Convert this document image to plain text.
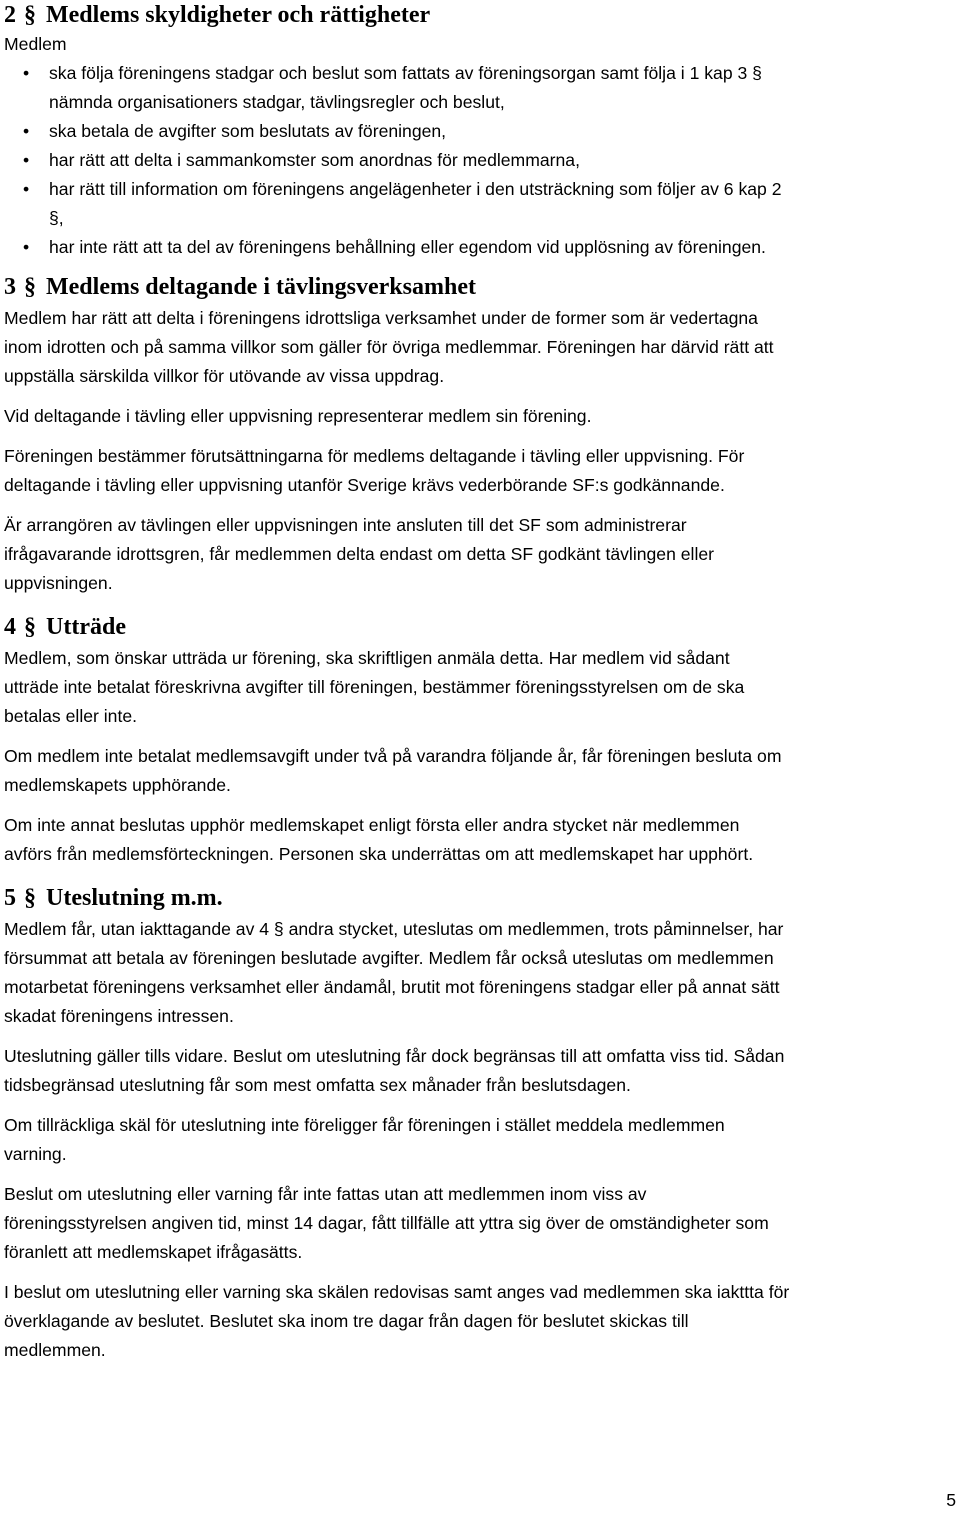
2 § Medlems skyldigheter och rättigheter

Medlem

• ska följa föreningens stadgar och beslut som fattats av föreningsorgan samt följa i 1 kap 3 §
nämnda organisationers stadgar, tävlingsregler och beslut,
• ska betala de avgifter som beslutats av föreningen,
• har rätt att delta i sammankomster som anordnas för medlemmarna,
• har rätt till information om föreningens angelägenheter i den utsträckning som följer av 6 kap 2
§,
• har inte rätt att ta del av föreningens behållning eller egendom vid upplösning av föreningen.
3 § Medlems deltagande i tävlingsverksamhet

Medlem har rätt att delta i föreningens idrottsliga verksamhet under de former som är vedertagna

inom idrotten och på samma villkor som gäller för övriga medlemmar. Föreningen har därvid rätt att

uppställa särskilda villkor för utövande av vissa uppdrag.

Vid deltagande i tävling eller uppvisning representerar medlem sin förening.

Föreningen bestämmer förutsättningarna för medlems deltagande i tävling eller uppvisning. För

deltagande i tävling eller uppvisning utanför Sverige krävs vederbörande SF:s godkännande.

Är arrangören av tävlingen eller uppvisningen inte ansluten till det SF som administrerar

ifrågavarande idrottsgren, får medlemmen delta endast om detta SF godkänt tävlingen eller

uppvisningen.

4 § Utträde

Medlem, som önskar utträda ur förening, ska skriftligen anmäla detta. Har medlem vid sådant

utträde inte betalat föreskrivna avgifter till föreningen, bestämmer föreningsstyrelsen om de ska

betalas eller inte.

Om medlem inte betalat medlemsavgift under två på varandra följande år, får föreningen besluta om

medlemskapets upphörande.

Om inte annat beslutas upphör medlemskapet enligt första eller andra stycket när medlemmen

avförs från medlemsförteckningen. Personen ska underrättas om att medlemskapet har upphört.

5 § Uteslutning m.m.

Medlem får, utan iakttagande av 4 § andra stycket, uteslutas om medlemmen, trots påminnelser, har

försummat att betala av föreningen beslutade avgifter. Medlem får också uteslutas om medlemmen

motarbetat föreningens verksamhet eller ändamål, brutit mot föreningens stadgar eller på annat sätt

skadat föreningens intressen.

Uteslutning gäller tills vidare. Beslut om uteslutning får dock begränsas till att omfatta viss tid. Sådan

tidsbegränsad uteslutning får som mest omfatta sex månader från beslutsdagen.

Om tillräckliga skäl för uteslutning inte föreligger får föreningen i stället meddela medlemmen

varning.

Beslut om uteslutning eller varning får inte fattas utan att medlemmen inom viss av

föreningsstyrelsen angiven tid, minst 14 dagar, fått tillfälle att yttra sig över de omständigheter som

föranlett att medlemskapet ifrågasätts.

I beslut om uteslutning eller varning ska skälen redovisas samt anges vad medlemmen ska iakttta för

överklagande av beslutet. Beslutet ska inom tre dagar från dagen för beslutet skickas till

medlemmen.

5
